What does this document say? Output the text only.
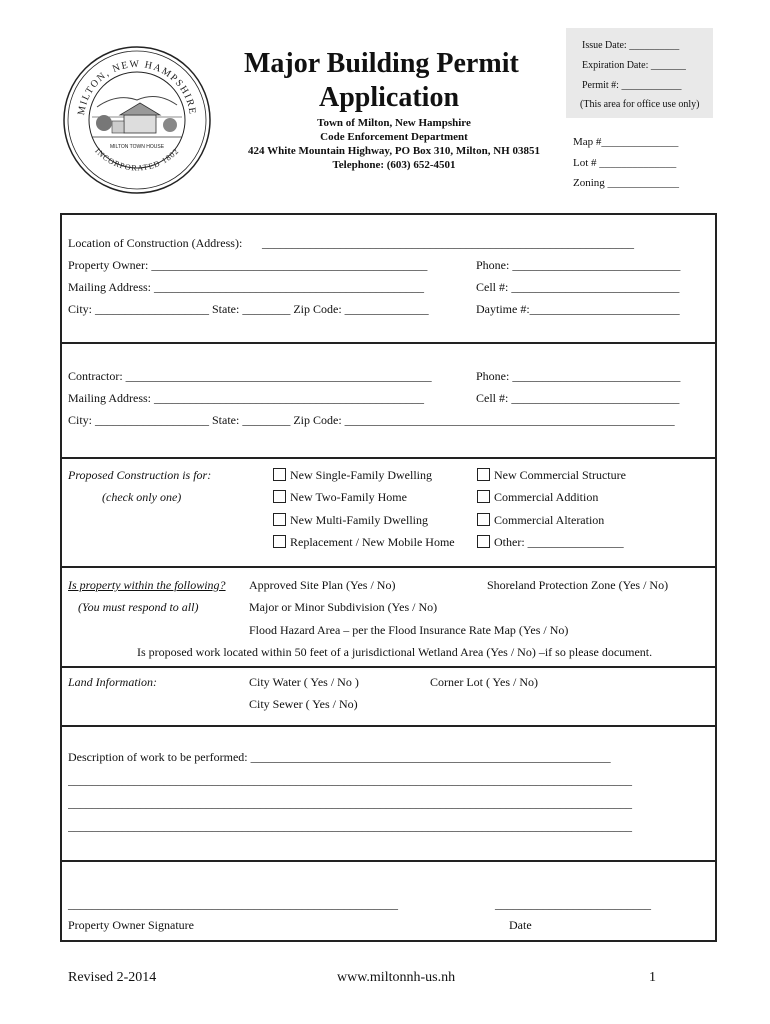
Issue Date: __________
Expiration Date: _______
Permit #: ____________
(This area for office use only)
MILTON, NEW HAMPSHIRE
INCORPORATED 1802
MILTON TOWN HOUSE
Major Building Permit
Application
Town of Milton, New Hampshire
Code Enforcement Department
424 White Mountain Highway, PO Box 310, Milton, NH 03851
Telephone: (603) 652-4501
Map #______________
Lot # ______________
Zoning _____________
Location of Construction (Address): ______________________________________________________________
Property Owner: ______________________________________________	Phone: ____________________________
Mailing Address: _____________________________________________	Cell #: ____________________________
City: ___________________ State: ________ Zip Code: ______________	Daytime #:_________________________
Contractor: ___________________________________________________	Phone: ____________________________
Mailing Address: _____________________________________________	Cell #: ____________________________
City: ___________________ State: ________ Zip Code: _______________________________________________________
Proposed Construction is for:
(check only one)
New Single-Family Dwelling
New Two-Family Home
New Multi-Family Dwelling
Replacement / New Mobile Home
New Commercial Structure
Commercial Addition
Commercial Alteration
Other: ________________
Is property within the following?
(You must respond to all)
Approved Site Plan (Yes / No)	Shoreland Protection Zone (Yes / No)
Major or Minor Subdivision (Yes / No)
Flood Hazard Area – per the Flood Insurance Rate Map (Yes / No)
Is proposed work located within 50 feet of a jurisdictional Wetland Area (Yes / No) –if so please document.
Land Information:	City Water ( Yes / No )	Corner Lot ( Yes / No)
City Sewer ( Yes / No)
Description of work to be performed: ____________________________________________________________
______________________________________________________________________________________________
______________________________________________________________________________________________
______________________________________________________________________________________________
_______________________________________________________	__________________________
Property Owner Signature	Date
Revised 2-2014	www.miltonnh-us.nh	1
